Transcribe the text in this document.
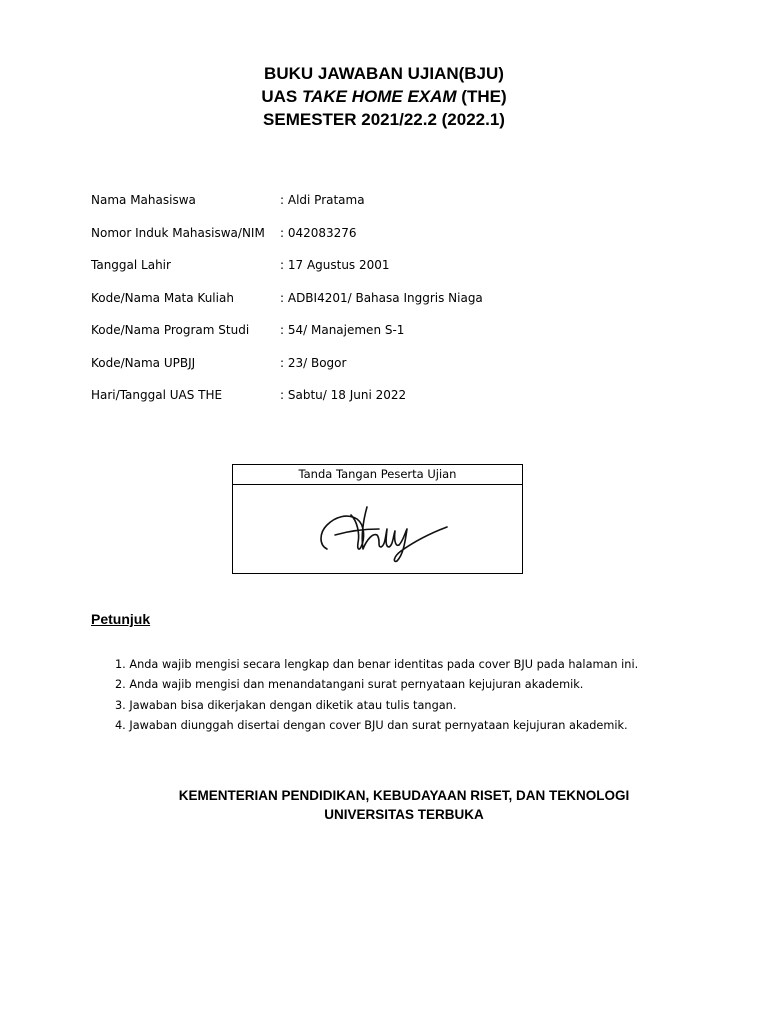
BUKU JAWABAN UJIAN(BJU)
UAS TAKE HOME EXAM (THE)
SEMESTER 2021/22.2 (2022.1)
Nama Mahasiswa	: Aldi Pratama
Nomor Induk Mahasiswa/NIM : 042083276
Tanggal Lahir	: 17 Agustus 2001
Kode/Nama Mata Kuliah	: ADBI4201/ Bahasa Inggris Niaga
Kode/Nama Program Studi	: 54/ Manajemen S-1
Kode/Nama UPBJJ	: 23/ Bogor
Hari/Tanggal UAS THE	: Sabtu/ 18 Juni 2022
Tanda Tangan Peserta Ujian
Petunjuk
1. Anda wajib mengisi secara lengkap dan benar identitas pada cover BJU pada halaman ini.
2. Anda wajib mengisi dan menandatangani surat pernyataan kejujuran akademik.
3. Jawaban bisa dikerjakan dengan diketik atau tulis tangan.
4. Jawaban diunggah disertai dengan cover BJU dan surat pernyataan kejujuran akademik.
KEMENTERIAN PENDIDIKAN, KEBUDAYAAN RISET, DAN TEKNOLOGI
UNIVERSITAS TERBUKA
